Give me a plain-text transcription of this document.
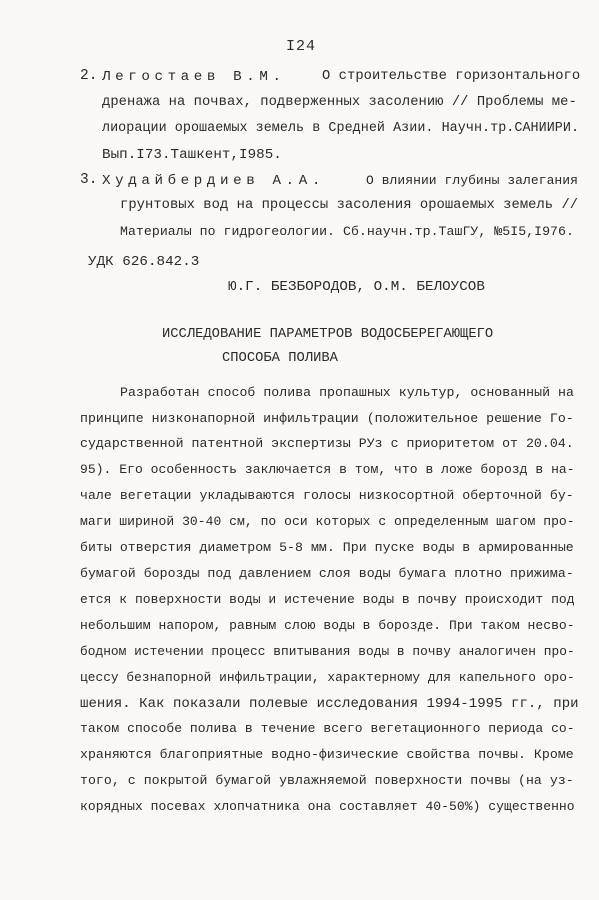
I24
2. Легостаев В.М.	О строительстве горизонтального
дренажа на почвах, подверженных засолению // Проблемы ме-
лиорации орошаемых земель в Средней Азии. Научн.тр.САНИИРИ.
Вып.I73.Ташкент,I985.
3. Худайбердиев А.А.	О влиянии глубины залегания
грунтовых вод на процессы засоления орошаемых земель //
Материалы по гидрогеологии. Сб.научн.тр.ТашГУ, №5I5,I976.
УДК 626.842.3
Ю.Г. БЕЗБОРОДОВ, О.М. БЕЛОУСОВ
ИССЛЕДОВАНИЕ ПАРАМЕТРОВ ВОДОСБЕРЕГАЮЩЕГО
СПОСОБА ПОЛИВА
Разработан способ полива пропашных культур, основанный на
принципе низконапорной инфильтрации (положительное решение Го-
сударственной патентной экспертизы РУз с приоритетом от 20.04.
95). Его особенность заключается в том, что в ложе борозд в на-
чале вегетации укладываются голосы низкосортной оберточной бу-
маги шириной 30-40 см, по оси которых с определенным шагом про-
биты отверстия диаметром 5-8 мм. При пуске воды в армированные
бумагой борозды под давлением слоя воды бумага плотно прижима-
ется к поверхности воды и истечение воды в почву происходит под
небольшим напором, равным слою воды в борозде. При таком несво-
бодном истечении процесс впитывания воды в почву аналогичен про-
цессу безнапорной инфильтрации, характерному для капельного оро-
шения. Как показали полевые исследования 1994-1995 гг., при
таком способе полива в течение всего вегетационного периода со-
храняются благоприятные водно-физические свойства почвы. Кроме
того, с покрытой бумагой увлажняемой поверхности почвы (на уз-
корядных посевах хлопчатника она составляет 40-50%) существенно
